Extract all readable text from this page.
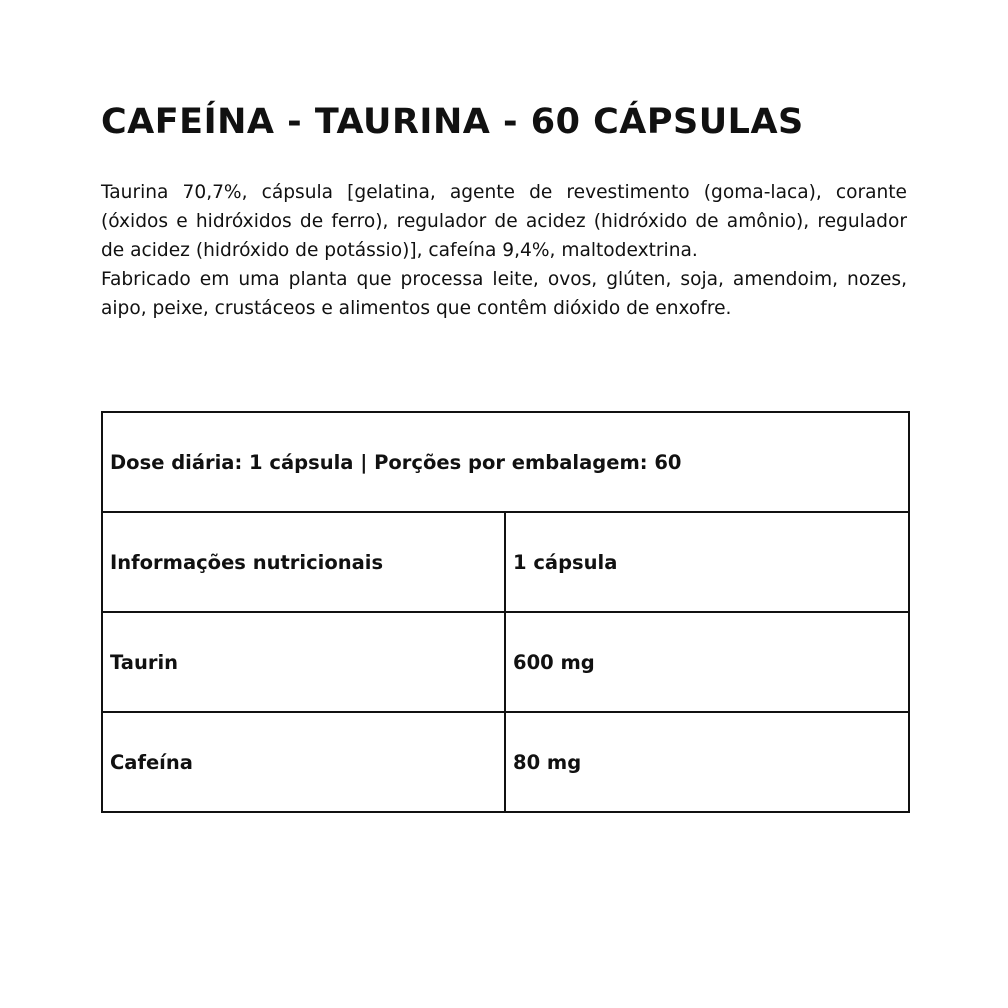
CAFEÍNA - TAURINA - 60 CÁPSULAS

Taurina 70,7%, cápsula [gelatina, agente de revestimento (goma-laca), corante (óxidos e hidróxidos de ferro), regulador de acidez (hidróxido de amônio), regulador de acidez (hidróxido de potássio)], cafeína 9,4%, maltodextrina.

Fabricado em uma planta que processa leite, ovos, glúten, soja, amendoim, nozes, aipo, peixe, crustáceos e alimentos que contêm dióxido de enxofre.

Dose diária: 1 cápsula | Porções por embalagem: 60	
Informações nutricionais	1 cápsula
Taurin	600 mg
Cafeína	80 mg
